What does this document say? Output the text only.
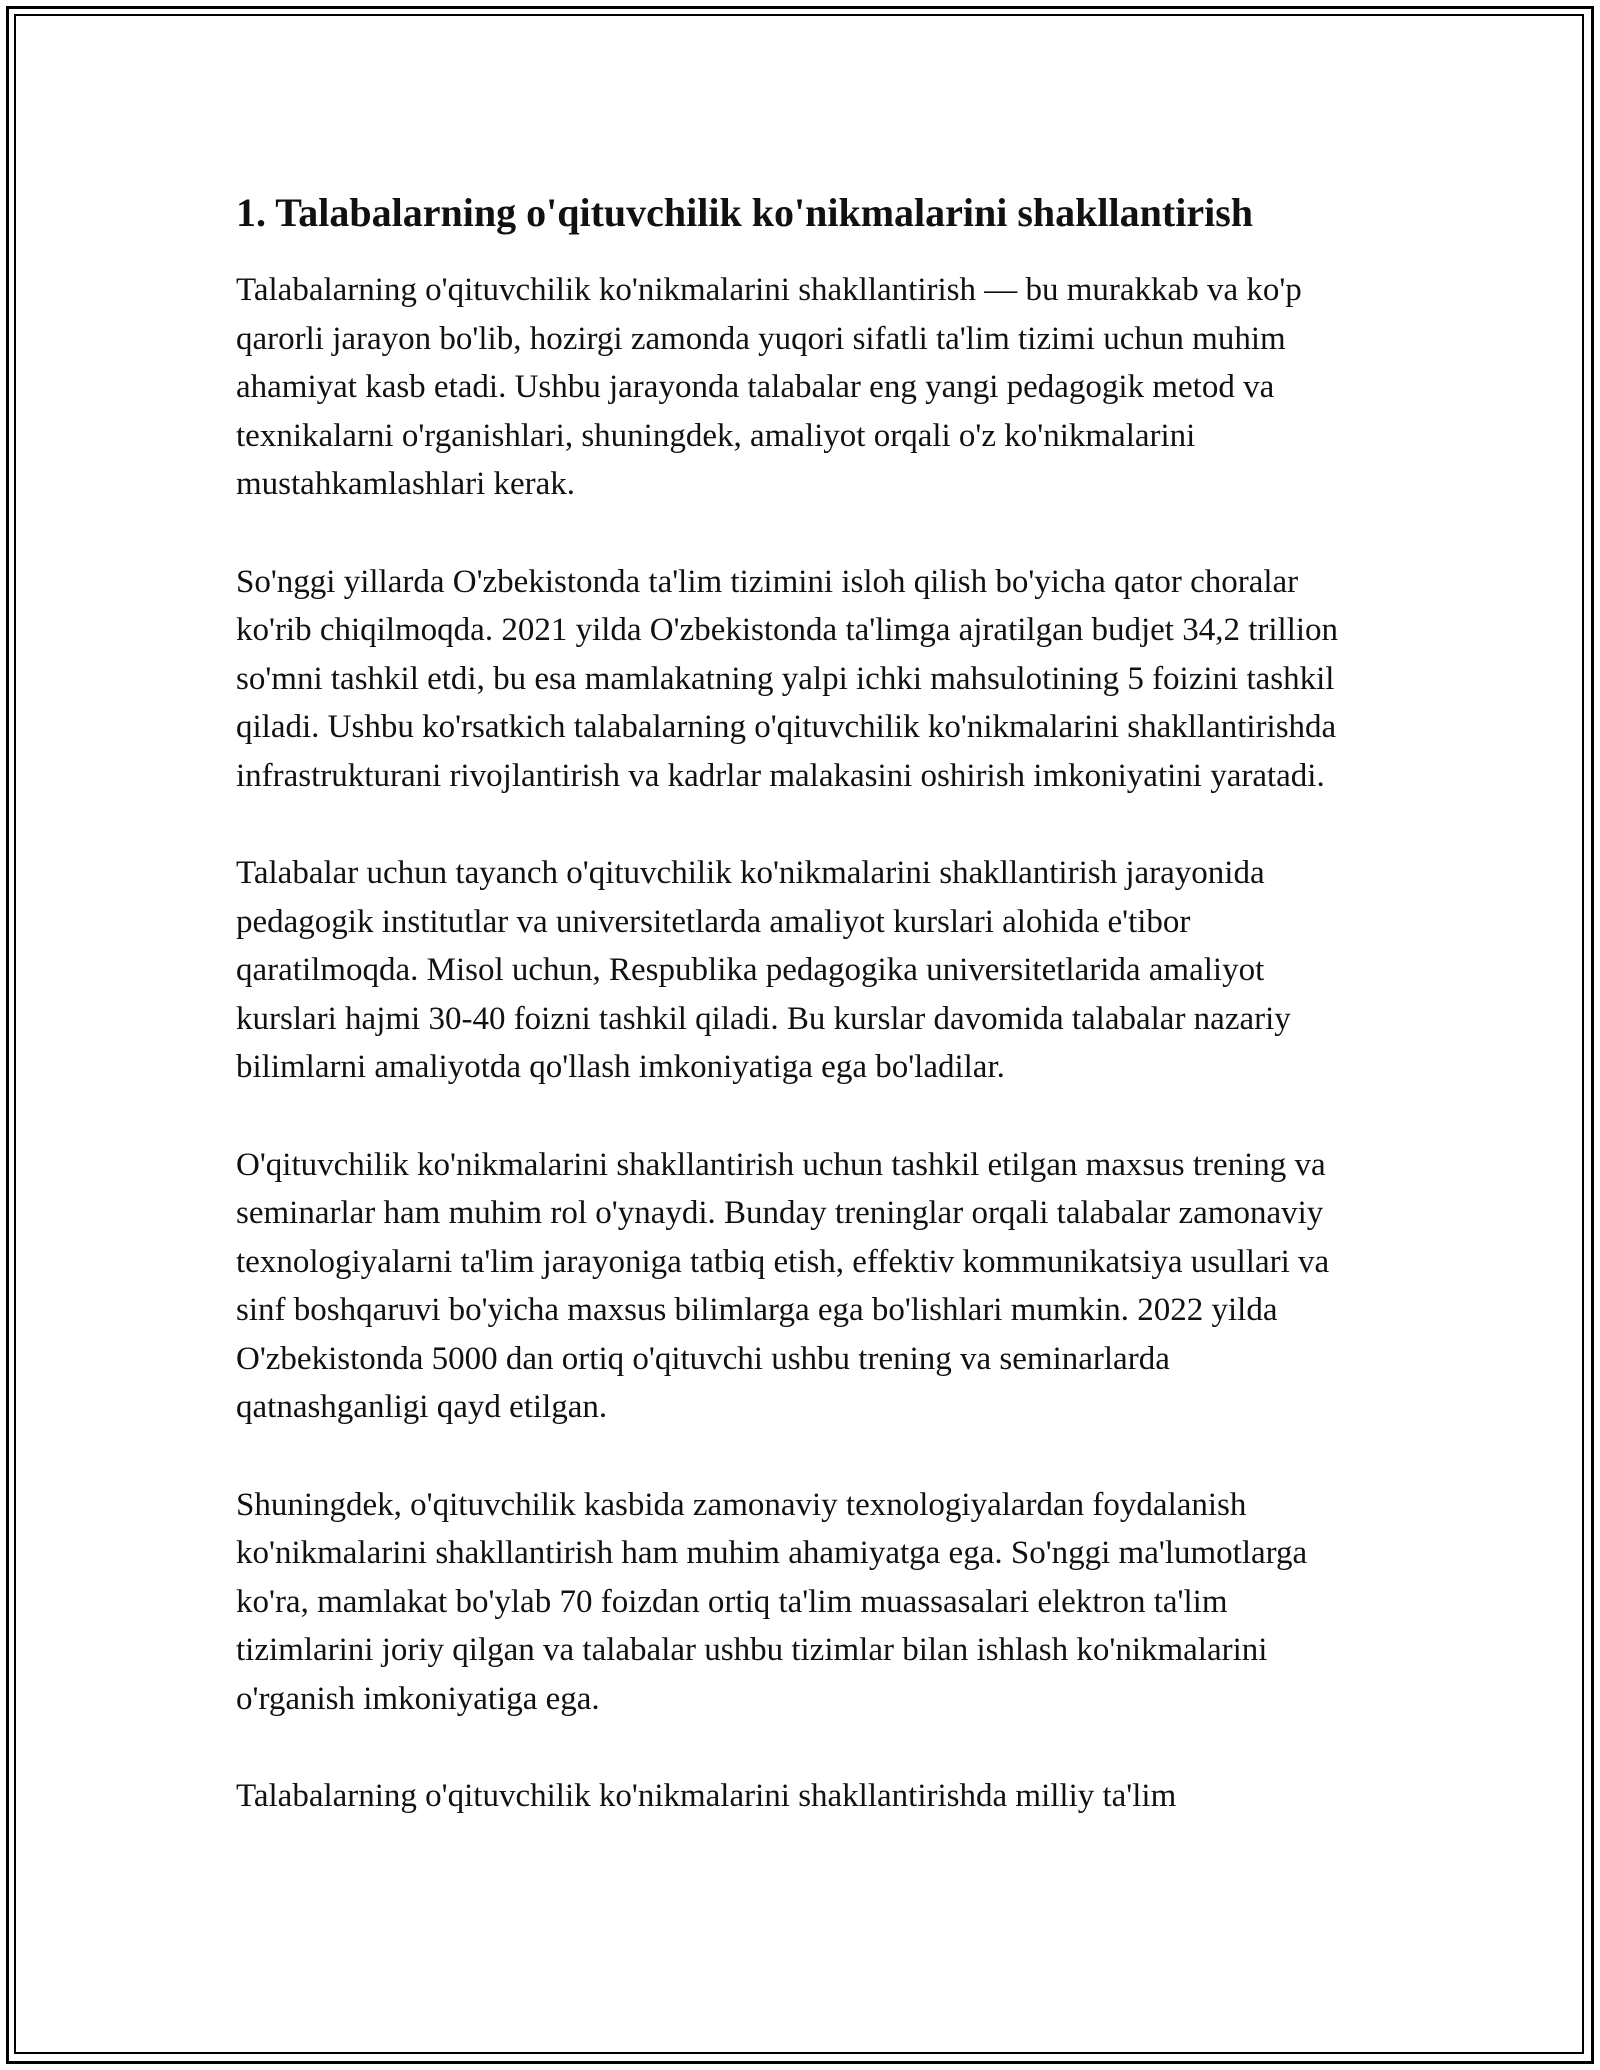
1. Talabalarning o'qituvchilik ko'nikmalarini shakllantirish

Talabalarning o'qituvchilik ko'nikmalarini shakllantirish — bu murakkab va ko'p qarorli jarayon bo'lib, hozirgi zamonda yuqori sifatli ta'lim tizimi uchun muhim ahamiyat kasb etadi. Ushbu jarayonda talabalar eng yangi pedagogik metod va texnikalarni o'rganishlari, shuningdek, amaliyot orqali o'z ko'nikmalarini mustahkamlashlari kerak.

So'nggi yillarda O'zbekistonda ta'lim tizimini isloh qilish bo'yicha qator choralar ko'rib chiqilmoqda. 2021 yilda O'zbekistonda ta'limga ajratilgan budjet 34,2 trillion so'mni tashkil etdi, bu esa mamlakatning yalpi ichki mahsulotining 5 foizini tashkil qiladi. Ushbu ko'rsatkich talabalarning o'qituvchilik ko'nikmalarini shakllantirishda infrastrukturani rivojlantirish va kadrlar malakasini oshirish imkoniyatini yaratadi.

Talabalar uchun tayanch o'qituvchilik ko'nikmalarini shakllantirish jarayonida pedagogik institutlar va universitetlarda amaliyot kurslari alohida e'tibor qaratilmoqda. Misol uchun, Respublika pedagogika universitetlarida amaliyot kurslari hajmi 30-40 foizni tashkil qiladi. Bu kurslar davomida talabalar nazariy bilimlarni amaliyotda qo'llash imkoniyatiga ega bo'ladilar.

O'qituvchilik ko'nikmalarini shakllantirish uchun tashkil etilgan maxsus trening va seminarlar ham muhim rol o'ynaydi. Bunday treninglar orqali talabalar zamonaviy texnologiyalarni ta'lim jarayoniga tatbiq etish, effektiv kommunikatsiya usullari va sinf boshqaruvi bo'yicha maxsus bilimlarga ega bo'lishlari mumkin. 2022 yilda O'zbekistonda 5000 dan ortiq o'qituvchi ushbu trening va seminarlarda qatnashganligi qayd etilgan.

Shuningdek, o'qituvchilik kasbida zamonaviy texnologiyalardan foydalanish ko'nikmalarini shakllantirish ham muhim ahamiyatga ega. So'nggi ma'lumotlarga ko'ra, mamlakat bo'ylab 70 foizdan ortiq ta'lim muassasalari elektron ta'lim tizimlarini joriy qilgan va talabalar ushbu tizimlar bilan ishlash ko'nikmalarini o'rganish imkoniyatiga ega.

Talabalarning o'qituvchilik ko'nikmalarini shakllantirishda milliy ta'lim
